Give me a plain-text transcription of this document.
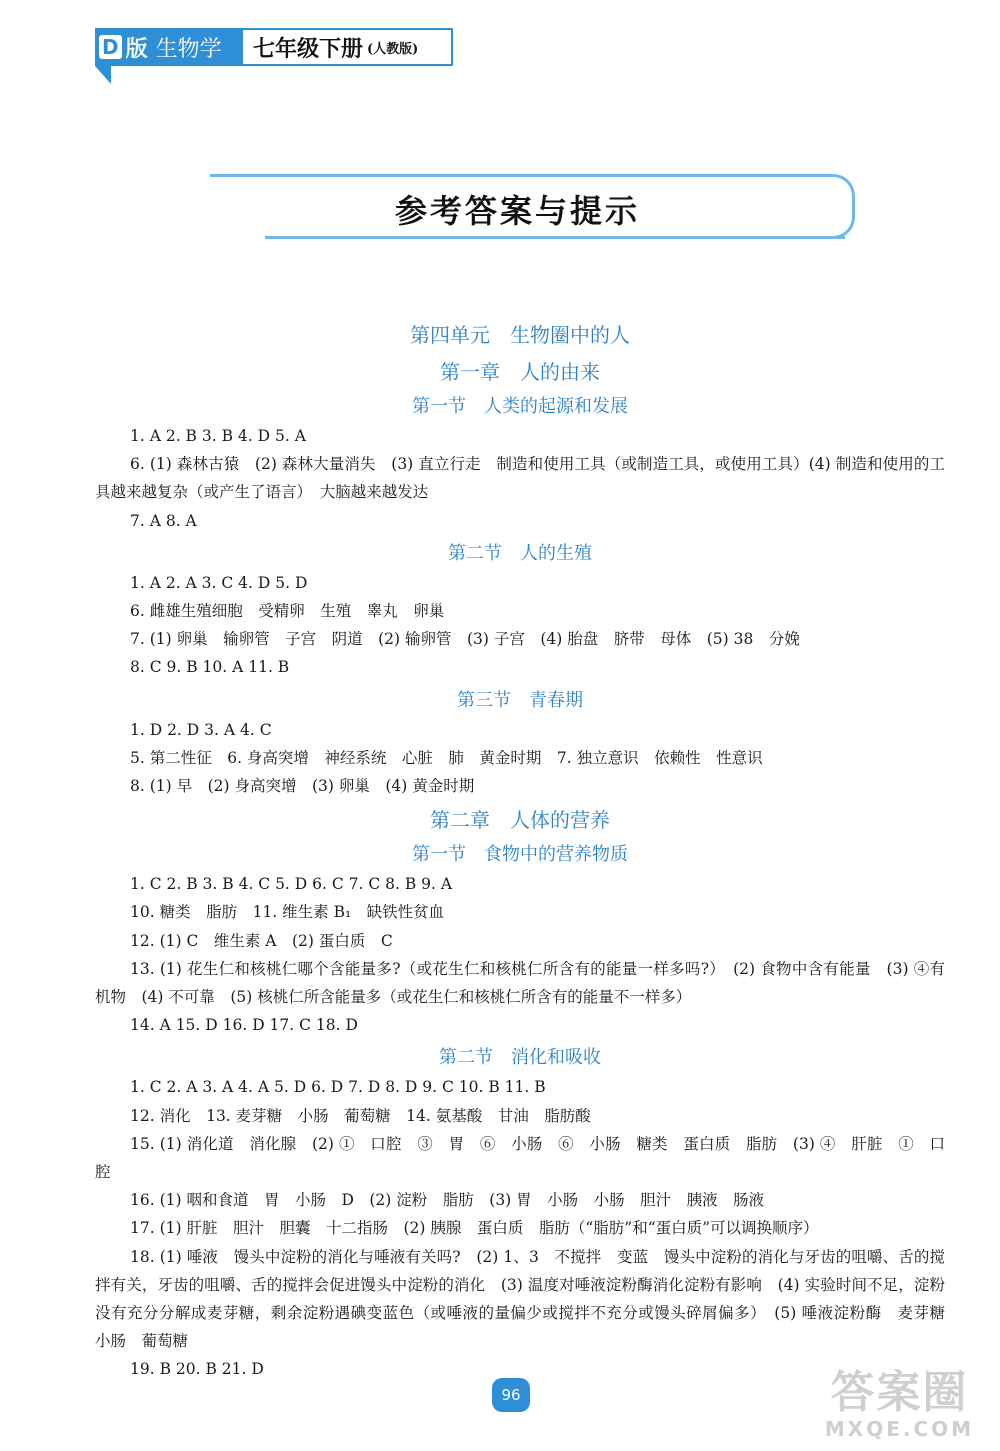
D 版 生物学 七年级下册 (人教版)
参考答案与提示
第四单元　生物圈中的人
第一章　人的由来
第一节　人类的起源和发展
1. A 2. B 3. B 4. D 5. A
6. (1) 森林古猿　(2) 森林大量消失　(3) 直立行走　制造和使用工具（或制造工具，或使用工具）(4) 制造和使用的工具越来越复杂（或产生了语言）　大脑越来越发达
7. A 8. A
第二节　人的生殖
1. A 2. A 3. C 4. D 5. D
6. 雌雄生殖细胞　受精卵　生殖　睾丸　卵巢
7. (1) 卵巢　输卵管　子宫　阴道　(2) 输卵管　(3) 子宫　(4) 胎盘　脐带　母体　(5) 38　分娩
8. C 9. B 10. A 11. B
第三节　青春期
1. D 2. D 3. A 4. C
5. 第二性征　6. 身高突增　神经系统　心脏　肺　黄金时期　7. 独立意识　依赖性　性意识
8. (1) 早　(2) 身高突增　(3) 卵巢　(4) 黄金时期
第二章　人体的营养
第一节　食物中的营养物质
1. C 2. B 3. B 4. C 5. D 6. C 7. C 8. B 9. A
10. 糖类　脂肪　11. 维生素 B₁　缺铁性贫血
12. (1) C　维生素 A　(2) 蛋白质　C
13. (1) 花生仁和核桃仁哪个含能量多?（或花生仁和核桃仁所含有的能量一样多吗?）　(2) 食物中含有能量　(3) ④有机物　(4) 不可靠　(5) 核桃仁所含能量多（或花生仁和核桃仁所含有的能量不一样多）
14. A 15. D 16. D 17. C 18. D
第二节　消化和吸收
1. C 2. A 3. A 4. A 5. D 6. D 7. D 8. D 9. C 10. B 11. B
12. 消化　13. 麦芽糖　小肠　葡萄糖　14. 氨基酸　甘油　脂肪酸
15. (1) 消化道　消化腺　(2) ①　口腔　③　胃　⑥　小肠　⑥　小肠　糖类　蛋白质　脂肪　(3) ④　肝脏　①　口腔
16. (1) 咽和食道　胃　小肠　D　(2) 淀粉　脂肪　(3) 胃　小肠　小肠　胆汁　胰液　肠液
17. (1) 肝脏　胆汁　胆囊　十二指肠　(2) 胰腺　蛋白质　脂肪（“脂肪”和“蛋白质”可以调换顺序）
18. (1) 唾液　馒头中淀粉的消化与唾液有关吗?　(2) 1、3　不搅拌　变蓝　馒头中淀粉的消化与牙齿的咀嚼、舌的搅拌有关，牙齿的咀嚼、舌的搅拌会促进馒头中淀粉的消化　(3) 温度对唾液淀粉酶消化淀粉有影响　(4) 实验时间不足，淀粉没有充分分解成麦芽糖，剩余淀粉遇碘变蓝色（或唾液的量偏少或搅拌不充分或馒头碎屑偏多）　(5) 唾液淀粉酶　麦芽糖　小肠　葡萄糖
19. B 20. B 21. D
96	答案圈
MXQE.COM
